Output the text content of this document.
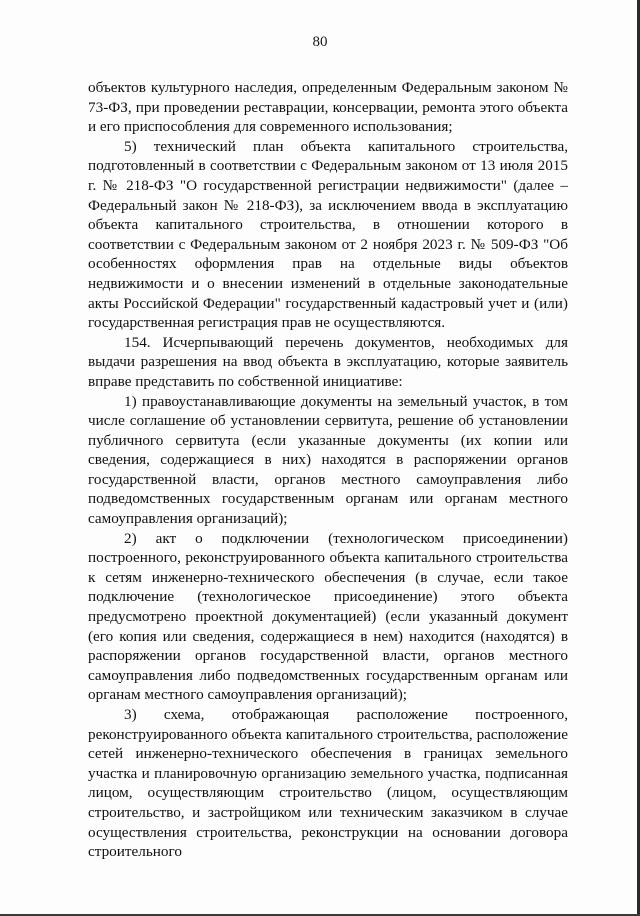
80

объектов культурного наследия, определенным Федеральным законом № 73-ФЗ, при проведении реставрации, консервации, ремонта этого объекта и его приспособления для современного использования;

5) технический план объекта капитального строительства, подготовленный в соответствии с Федеральным законом от 13 июля 2015 г. № 218-ФЗ "О государственной регистрации недвижимости" (далее – Федеральный закон № 218-ФЗ), за исключением ввода в эксплуатацию объекта капитального строительства, в отношении которого в соответствии с Федеральным законом от 2 ноября 2023 г. № 509-ФЗ "Об особенностях оформления прав на отдельные виды объектов недвижимости и о внесении изменений в отдельные законодательные акты Российской Федерации" государственный кадастровый учет и (или) государственная регистрация прав не осуществляются.

154. Исчерпывающий перечень документов, необходимых для выдачи разрешения на ввод объекта в эксплуатацию, которые заявитель вправе представить по собственной инициативе:

1) правоустанавливающие документы на земельный участок, в том числе соглашение об установлении сервитута, решение об установлении публичного сервитута (если указанные документы (их копии или сведения, содержащиеся в них) находятся в распоряжении органов государственной власти, органов местного самоуправления либо подведомственных государственным органам или органам местного самоуправления организаций);

2) акт о подключении (технологическом присоединении) построенного, реконструированного объекта капитального строительства к сетям инженерно-технического обеспечения (в случае, если такое подключение (технологическое присоединение) этого объекта предусмотрено проектной документацией) (если указанный документ (его копия или сведения, содержащиеся в нем) находится (находятся) в распоряжении органов государственной власти, органов местного самоуправления либо подведомственных государственным органам или органам местного самоуправления организаций);

3) схема, отображающая расположение построенного, реконструированного объекта капитального строительства, расположение сетей инженерно-технического обеспечения в границах земельного участка и планировочную организацию земельного участка, подписанная лицом, осуществляющим строительство (лицом, осуществляющим строительство, и застройщиком или техническим заказчиком в случае осуществления строительства, реконструкции на основании договора строительного
